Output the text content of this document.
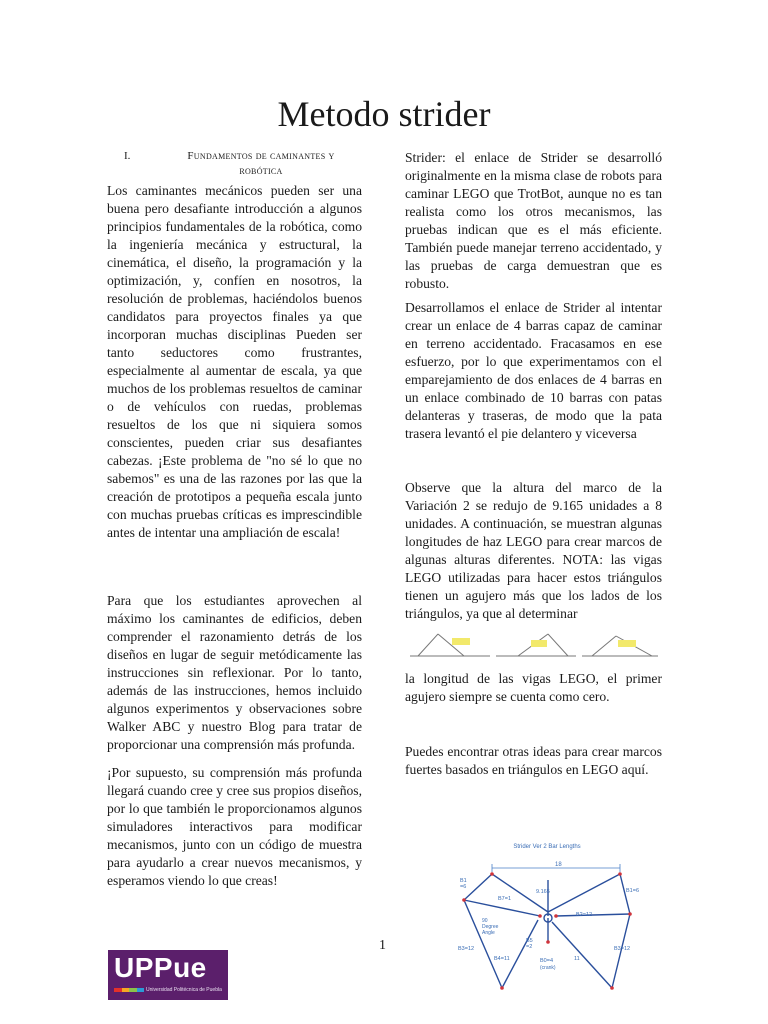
Metodo strider
I.	Fundamentos de caminantes y robótica

Los caminantes mecánicos pueden ser una buena pero desafiante introducción a algunos principios fundamentales de la robótica, como la ingeniería mecánica y estructural, la cinemática, el diseño, la programación y la optimización, y, confíen en nosotros, la resolución de problemas, haciéndolos buenos candidatos para proyectos finales ya que incorporan muchas disciplinas Pueden ser tanto seductores como frustrantes, especialmente al aumentar de escala, ya que muchos de los problemas resueltos de caminar o de vehículos con ruedas, problemas resueltos de los que ni siquiera somos conscientes, pueden criar sus desafiantes cabezas. ¡Este problema de "no sé lo que no sabemos" es una de las razones por las que la creación de prototipos a pequeña escala junto con muchas pruebas críticas es imprescindible antes de intentar una ampliación de escala!

Para que los estudiantes aprovechen al máximo los caminantes de edificios, deben comprender el razonamiento detrás de los diseños en lugar de seguir metódicamente las instrucciones sin reflexionar. Por lo tanto, además de las instrucciones, hemos incluido algunos experimentos y observaciones sobre Walker ABC y nuestro Blog para tratar de proporcionar una comprensión más profunda.

¡Por supuesto, su comprensión más profunda llegará cuando cree y cree sus propios diseños, por lo que también le proporcionamos algunos simuladores interactivos para modificar mecanismos, junto con un código de muestra para ayudarlo a crear nuevos mecanismos, y esperamos viendo lo que creas!

Strider: el enlace de Strider se desarrolló originalmente en la misma clase de robots para caminar LEGO que TrotBot, aunque no es tan realista como los otros mecanismos, las pruebas indican que es el más eficiente. También puede manejar terreno accidentado, y las pruebas de carga demuestran que es robusto.

Desarrollamos el enlace de Strider al intentar crear un enlace de 4 barras capaz de caminar en terreno accidentado. Fracasamos en ese esfuerzo, por lo que experimentamos con el emparejamiento de dos enlaces de 4 barras en un enlace combinado de 10 barras con patas delanteras y traseras, de modo que la pata trasera levantó el pie delantero y viceversa

Observe que la altura del marco de la Variación 2 se redujo de 9.165 unidades a 8 unidades. A continuación, se muestran algunas longitudes de haz LEGO para crear marcos de algunas alturas diferentes. NOTA: las vigas LEGO utilizadas para hacer estos triángulos tienen un agujero más que los lados de los triángulos, ya que al determinar

la longitud de las vigas LEGO, el primer agujero siempre se cuenta como cero.

Puedes encontrar otras ideas para crear marcos fuertes basados en triángulos en LEGO aquí.

Strider Ver 2 Bar Lengths
18
B1 =6
B1=6
9.165
B7=1
90 Degree Angle
B5 =2
B2=12
B3=12	B3=12
B4=11	11
B0=4
(crank)
1
UPPue
Universidad Politécnica de Puebla
